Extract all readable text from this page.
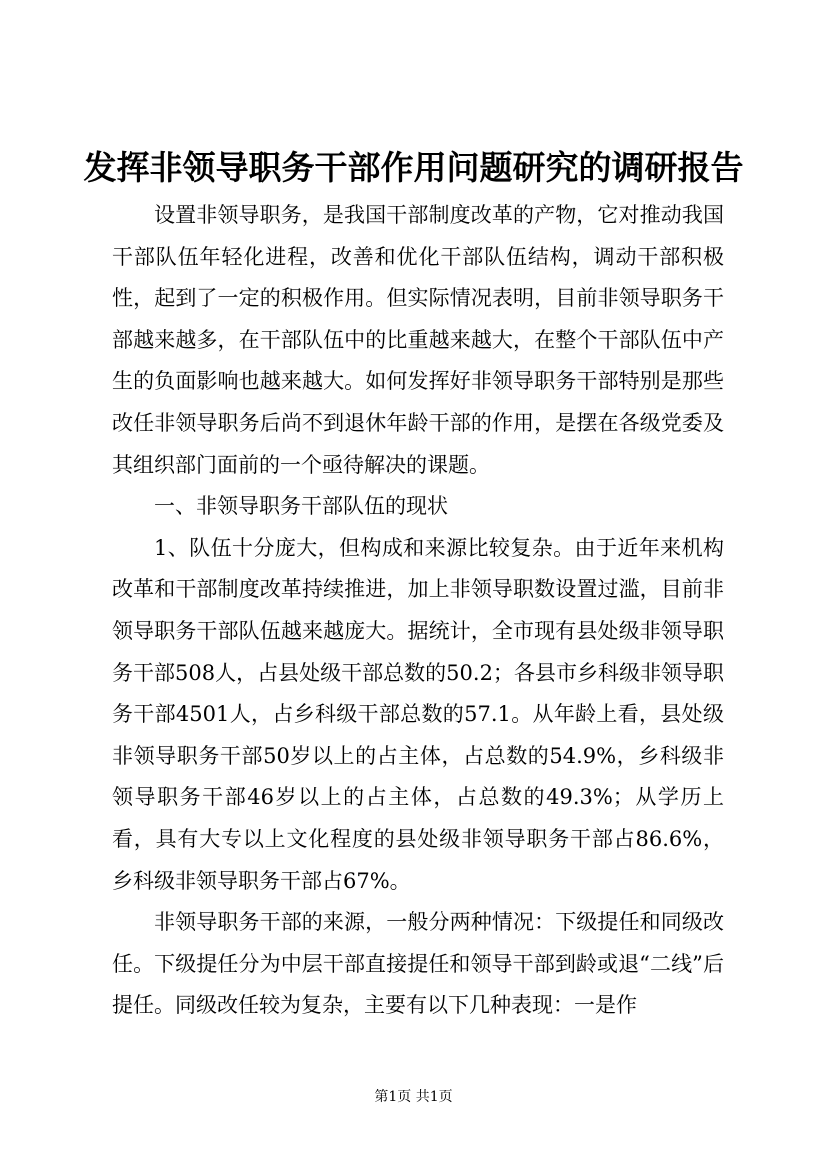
发挥非领导职务干部作用问题研究的调研报告

设置非领导职务，是我国干部制度改革的产物，它对推动我国干部队伍年轻化进程，改善和优化干部队伍结构，调动干部积极性，起到了一定的积极作用。但实际情况表明，目前非领导职务干部越来越多，在干部队伍中的比重越来越大，在整个干部队伍中产生的负面影响也越来越大。如何发挥好非领导职务干部特别是那些改任非领导职务后尚不到退休年龄干部的作用，是摆在各级党委及其组织部门面前的一个亟待解决的课题。

一、非领导职务干部队伍的现状

1、队伍十分庞大，但构成和来源比较复杂。由于近年来机构改革和干部制度改革持续推进，加上非领导职数设置过滥，目前非领导职务干部队伍越来越庞大。据统计，全市现有县处级非领导职务干部508人，占县处级干部总数的50.2；各县市乡科级非领导职务干部4501人，占乡科级干部总数的57.1。从年龄上看，县处级非领导职务干部50岁以上的占主体，占总数的54.9%，乡科级非领导职务干部46岁以上的占主体，占总数的49.3%；从学历上看，具有大专以上文化程度的县处级非领导职务干部占86.6%，乡科级非领导职务干部占67%。

非领导职务干部的来源，一般分两种情况：下级提任和同级改任。下级提任分为中层干部直接提任和领导干部到龄或退“二线”后提任。同级改任较为复杂，主要有以下几种表现：一是作

第1页 共1页
